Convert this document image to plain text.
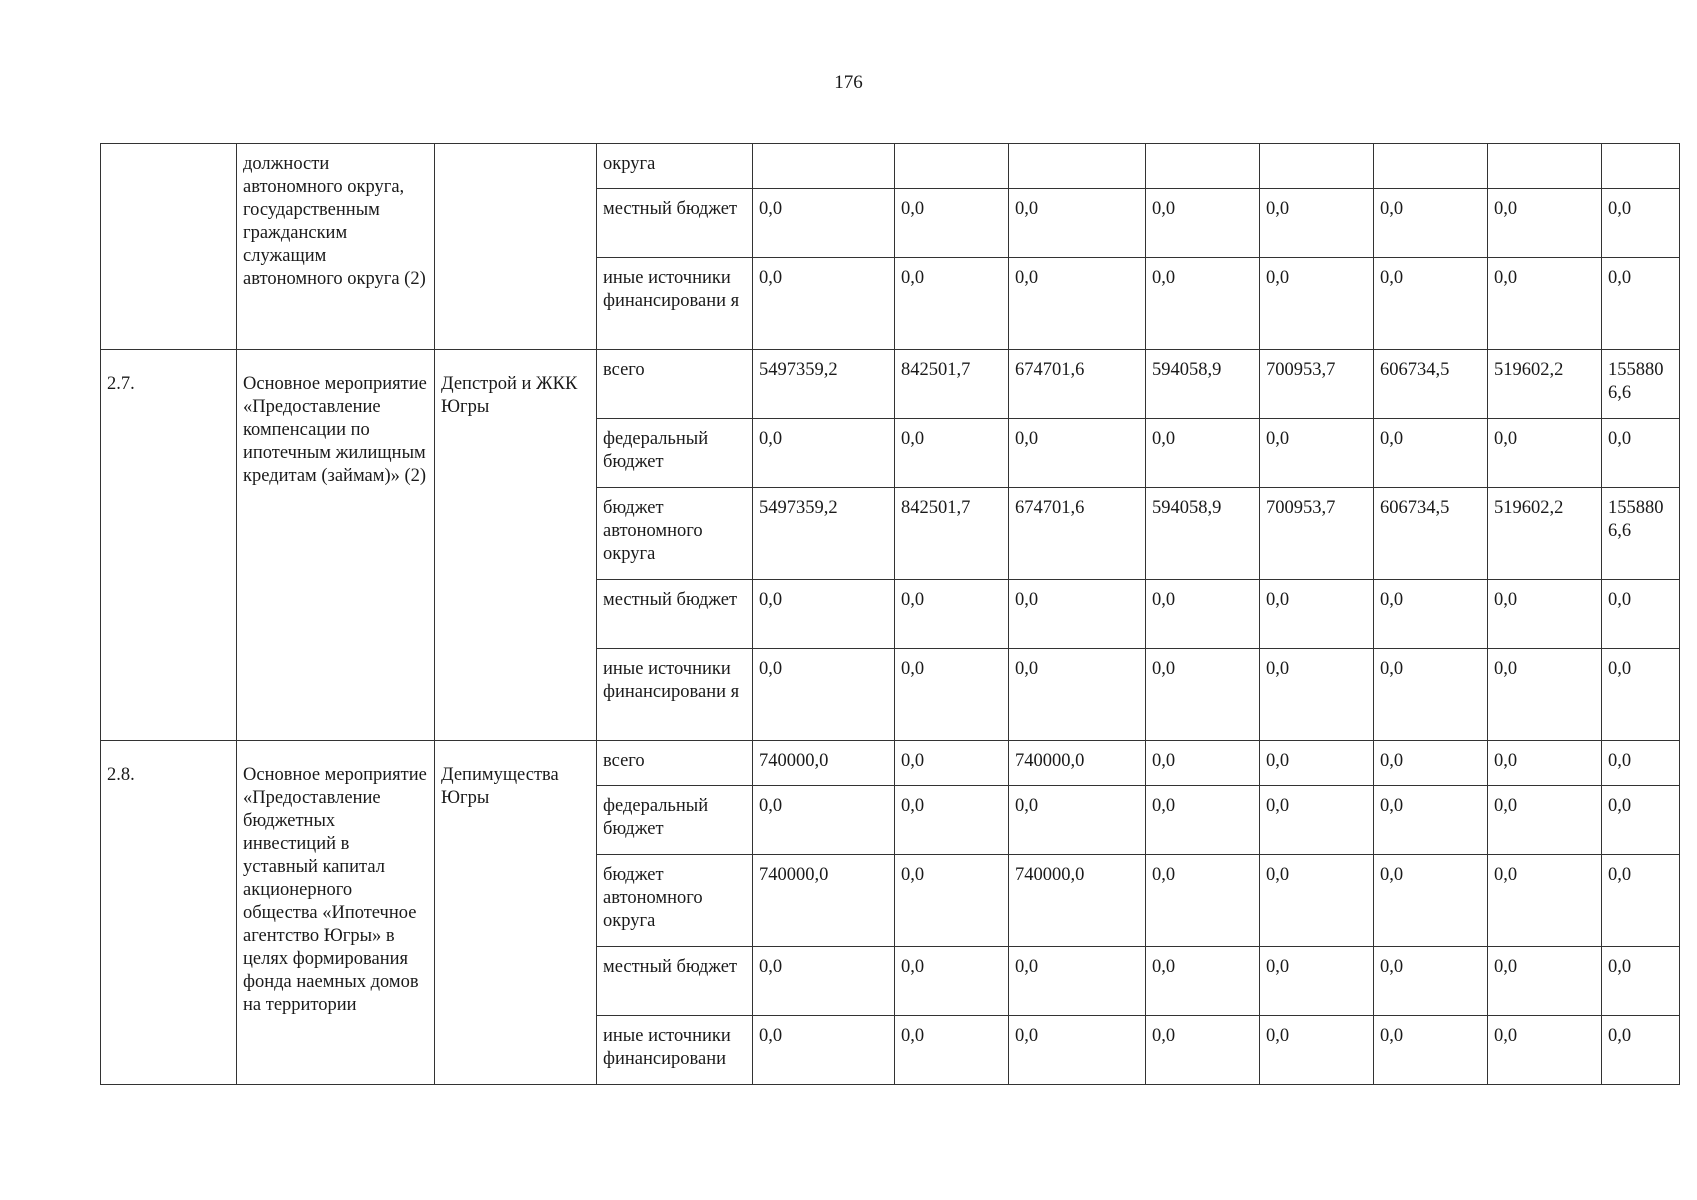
176
	должности автономного округа, государственным гражданским служащим автономного округа (2)		округа								
			местный бюджет	0,0	0,0	0,0	0,0	0,0	0,0	0,0	0,0
			иные источники финансировани я	0,0	0,0	0,0	0,0	0,0	0,0	0,0	0,0
2.7.	Основное мероприятие «Предоставление компенсации по ипотечным жилищным кредитам (займам)» (2)	Депстрой и ЖКК Югры	всего	5497359,2	842501,7	674701,6	594058,9	700953,7	606734,5	519602,2	155880 6,6
			федеральный бюджет	0,0	0,0	0,0	0,0	0,0	0,0	0,0	0,0
			бюджет автономного округа	5497359,2	842501,7	674701,6	594058,9	700953,7	606734,5	519602,2	155880 6,6
			местный бюджет	0,0	0,0	0,0	0,0	0,0	0,0	0,0	0,0
			иные источники финансировани я	0,0	0,0	0,0	0,0	0,0	0,0	0,0	0,0
2.8.	Основное мероприятие «Предоставление бюджетных инвестиций в уставный капитал акционерного общества «Ипотечное агентство Югры» в целях формирования фонда наемных домов на территории	Депимущества Югры	всего	740000,0	0,0	740000,0	0,0	0,0	0,0	0,0	0,0
			федеральный бюджет	0,0	0,0	0,0	0,0	0,0	0,0	0,0	0,0
			бюджет автономного округа	740000,0	0,0	740000,0	0,0	0,0	0,0	0,0	0,0
			местный бюджет	0,0	0,0	0,0	0,0	0,0	0,0	0,0	0,0
			иные источники финансировани	0,0	0,0	0,0	0,0	0,0	0,0	0,0	0,0
